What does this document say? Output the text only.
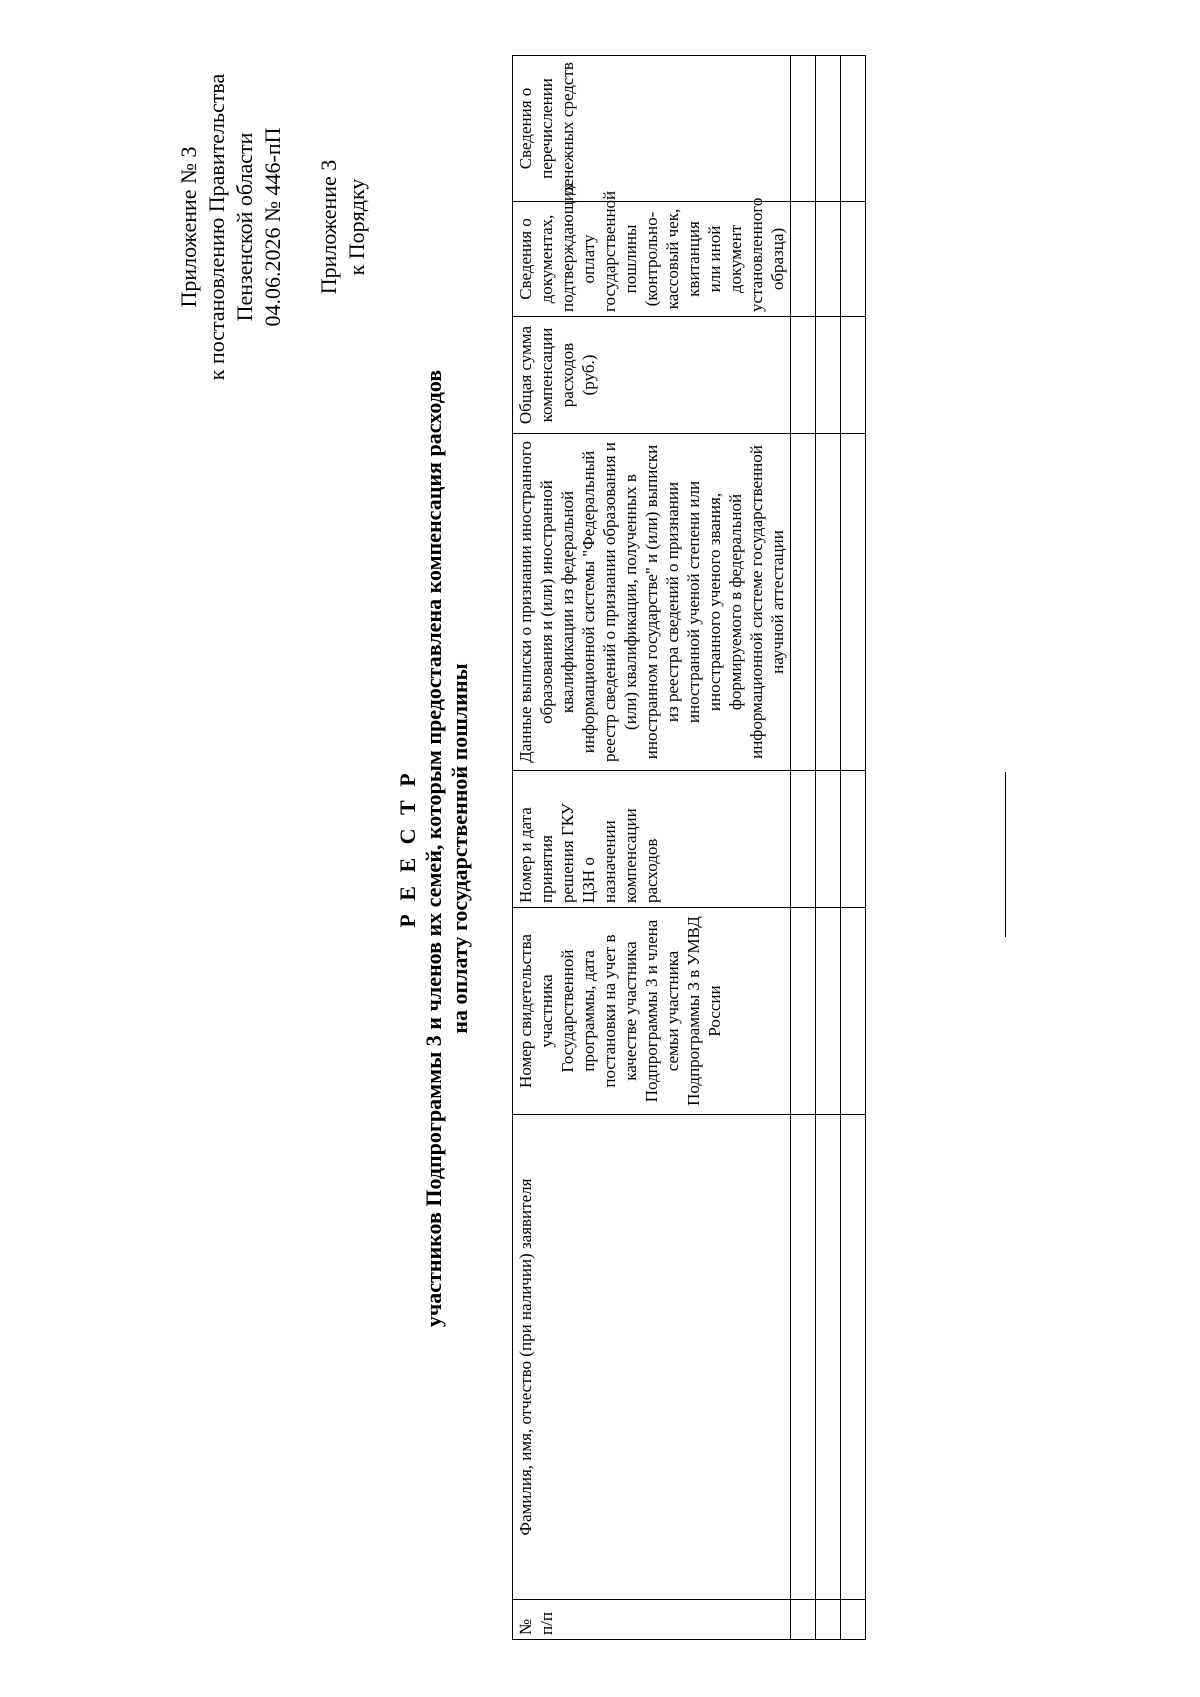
Приложение № 3 к постановлению Правительства Пензенской области 04.06.2026 № 446-пП Приложение 3 к Порядку
Р Е Е С Т Р участников Подпрограммы 3 и членов их семей, которым предоставлена компенсация расходов на оплату государственной пошлины
№ п/п	Фамилия, имя, отчество (при наличии) заявителя	Номер свидетельства участника Государственной программы, дата постановки на учет в качестве участника Подпрограммы 3 и члена семьи участника Подпрограммы 3 в УМВД России	Номер и дата принятия решения ГКУ ЦЗН о назначении компенсации расходов	Данные выписки о признании иностранного образования и (или) иностранной квалификации из федеральной информационной системы "Федеральный реестр сведений о признании образования и (или) квалификации, полученных в иностранном государстве" и (или) выписки из реестра сведений о признании иностранной ученой степени или иностранного ученого звания, формируемого в федеральной информационной системе государственной научной аттестации	Общая сумма компенсации расходов (руб.)	Сведения о документах, подтверждающих оплату государственной пошлины (контрольно-кассовый чек, квитанция или иной документ установленного образца)	Сведения о перечислении денежных средств
